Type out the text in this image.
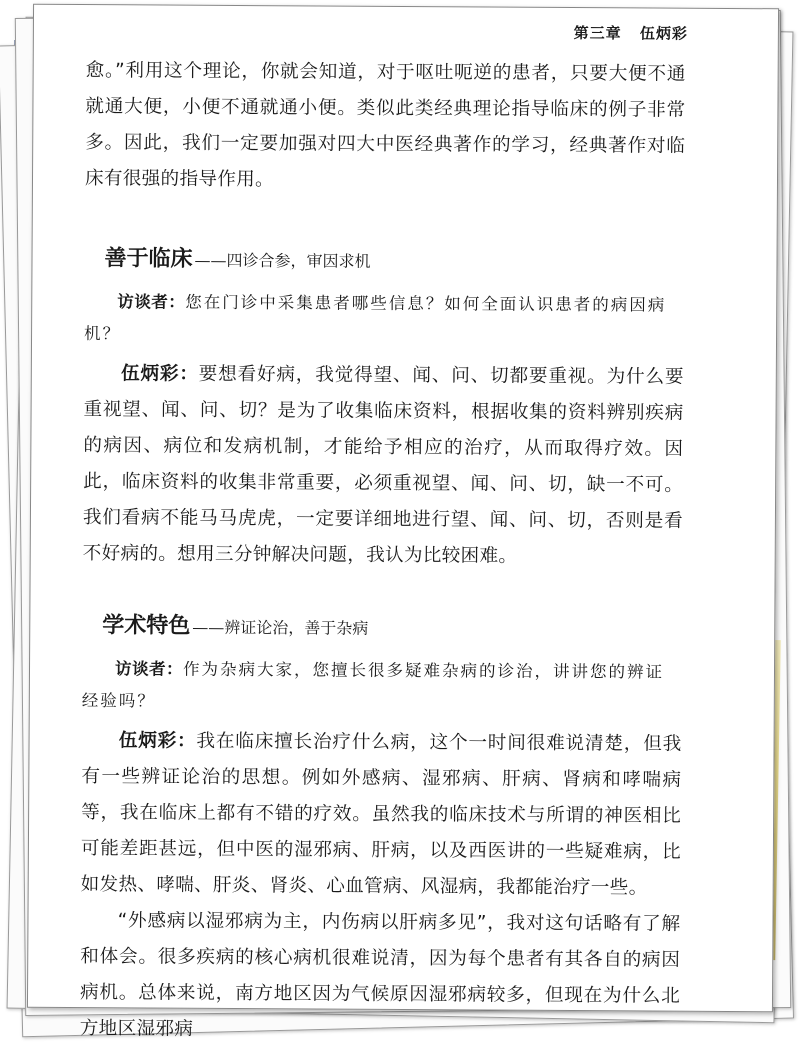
第三章 伍炳彩

愈。”利用这个理论，你就会知道，对于呕吐呃逆的患者，只要大便不通就通大便，小便不通就通小便。类似此类经典理论指导临床的例子非常多。因此，我们一定要加强对四大中医经典著作的学习，经典著作对临床有很强的指导作用。

善于临床 ——四诊合参，审因求机

访谈者：您在门诊中采集患者哪些信息？如何全面认识患者的病因病机？

伍炳彩：要想看好病，我觉得望、闻、问、切都要重视。为什么要重视望、闻、问、切？是为了收集临床资料，根据收集的资料辨别疾病的病因、病位和发病机制，才能给予相应的治疗，从而取得疗效。因此，临床资料的收集非常重要，必须重视望、闻、问、切，缺一不可。我们看病不能马马虎虎，一定要详细地进行望、闻、问、切，否则是看不好病的。想用三分钟解决问题，我认为比较困难。

学术特色 ——辨证论治，善于杂病

访谈者：作为杂病大家，您擅长很多疑难杂病的诊治，讲讲您的辨证经验吗？

伍炳彩：我在临床擅长治疗什么病，这个一时间很难说清楚，但我有一些辨证论治的思想。例如外感病、湿邪病、肝病、肾病和哮喘病等，我在临床上都有不错的疗效。虽然我的临床技术与所谓的神医相比可能差距甚远，但中医的湿邪病、肝病，以及西医讲的一些疑难病，比如发热、哮喘、肝炎、肾炎、心血管病、风湿病，我都能治疗一些。

“外感病以湿邪病为主，内伤病以肝病多见”，我对这句话略有了解和体会。很多疾病的核心病机很难说清，因为每个患者有其各自的病因病机。总体来说，南方地区因为气候原因湿邪病较多，但现在为什么北方地区湿邪病
